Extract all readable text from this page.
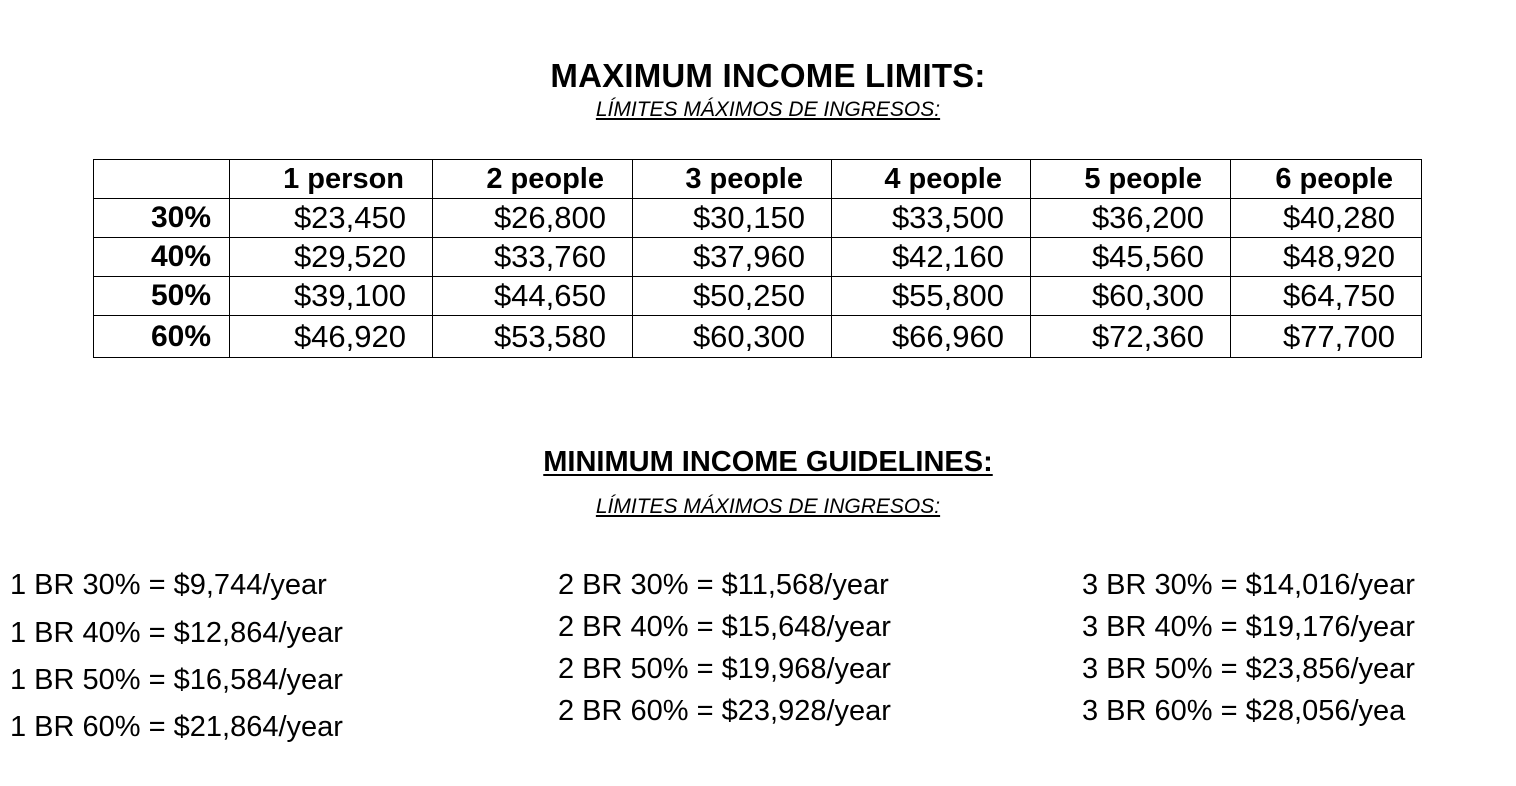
MAXIMUM INCOME LIMITS:
LÍMITES MÁXIMOS DE INGRESOS:
	1 person	2 people	3 people	4 people	5 people	6 people
30%	$23,450	$26,800	$30,150	$33,500	$36,200	$40,280
40%	$29,520	$33,760	$37,960	$42,160	$45,560	$48,920
50%	$39,100	$44,650	$50,250	$55,800	$60,300	$64,750
60%	$46,920	$53,580	$60,300	$66,960	$72,360	$77,700
MINIMUM INCOME GUIDELINES:
LÍMITES MÁXIMOS DE INGRESOS:
1 BR 30% = $9,744/year
1 BR 40% = $12,864/year
1 BR 50% = $16,584/year
1 BR 60% = $21,864/year
2 BR 30% = $11,568/year
2 BR 40% = $15,648/year
2 BR 50% = $19,968/year
2 BR 60% = $23,928/year
3 BR 30% = $14,016/year
3 BR 40% = $19,176/year
3 BR 50% = $23,856/year
3 BR 60% = $28,056/yea
